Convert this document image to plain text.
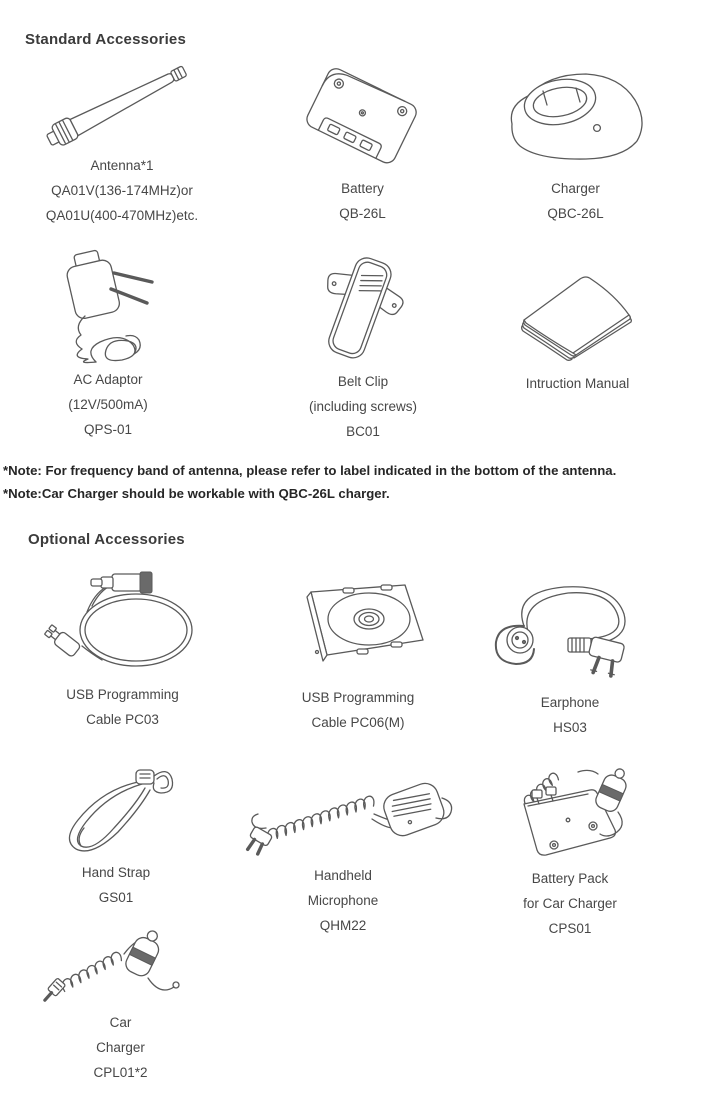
Standard Accessories
Antenna*1
QA01V(136-174MHz)or
QA01U(400-470MHz)etc.
Battery
QB-26L
Charger
QBC-26L
AC Adaptor
(12V/500mA)
QPS-01
Belt Clip
(including screws)
BC01
Intruction Manual
*Note: For frequency band of antenna, please refer to label indicated in the bottom of the antenna.
*Note:Car Charger should be workable with QBC-26L charger.
Optional Accessories
USB Programming
Cable PC03
USB Programming
Cable PC06(M)
Earphone
HS03
Hand Strap
GS01
Handheld
Microphone
QHM22
Battery Pack
for Car Charger
CPS01
Car
Charger
CPL01*2
